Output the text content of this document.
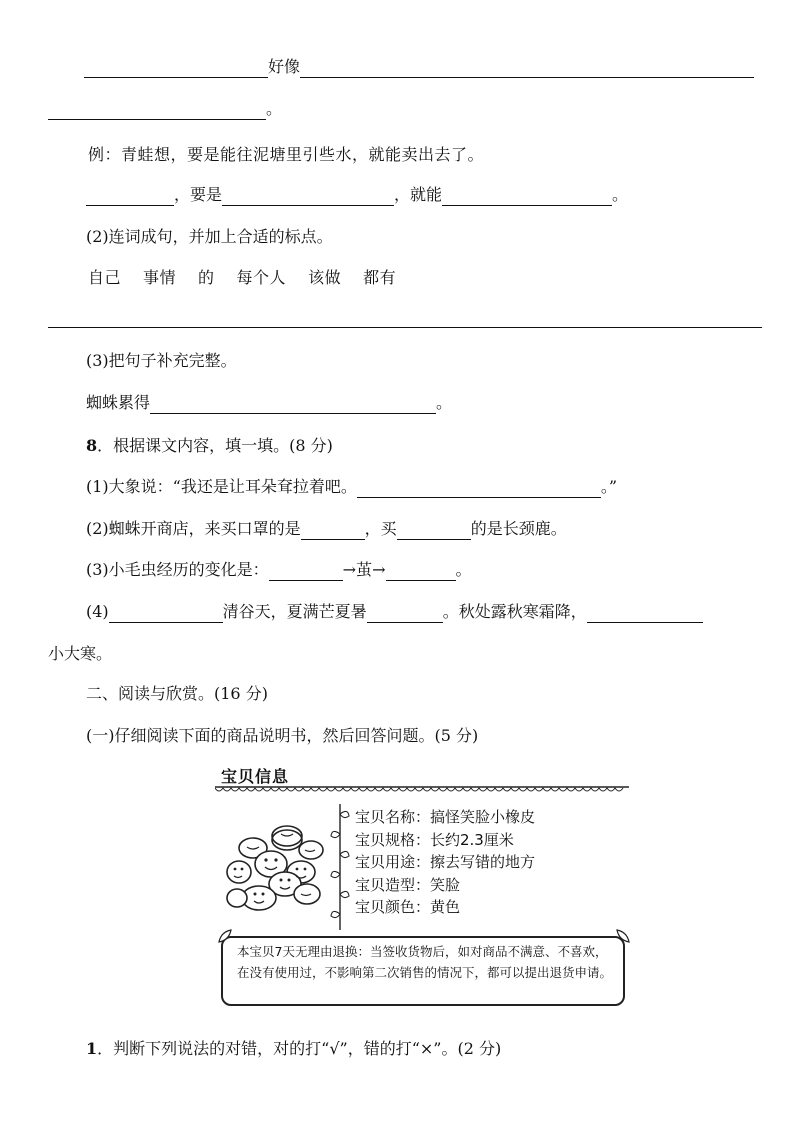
好像
。
例：青蛙想，要是能往泥塘里引些水，就能卖出去了。
，要是	，就能	。
(2)连词成句，并加上合适的标点。
自己 事情 的 每个人 该做 都有
(3)把句子补充完整。
蜘蛛累得	。
8．根据课文内容，填一填。(8 分)
(1)大象说：“我还是让耳朵耷拉着吧。	。”
(2)蜘蛛开商店，来买口罩的是	，买	的是长颈鹿。
(3)小毛虫经历的变化是：	→茧→	。
(4)	清谷天，夏满芒夏暑	。秋处露秋寒霜降，
小大寒。
二、阅读与欣赏。(16 分)
(一)仔细阅读下面的商品说明书，然后回答问题。(5 分)
宝贝信息
宝贝名称：搞怪笑脸小橡皮
宝贝规格：长约2.3厘米
宝贝用途：擦去写错的地方
宝贝造型：笑脸
宝贝颜色：黄色
本宝贝7天无理由退换：当签收货物后，如对商品不满意、不喜欢，在没有使用过，不影响第二次销售的情况下，都可以提出退货申请。
1．判断下列说法的对错，对的打“√”，错的打“×”。(2 分)
